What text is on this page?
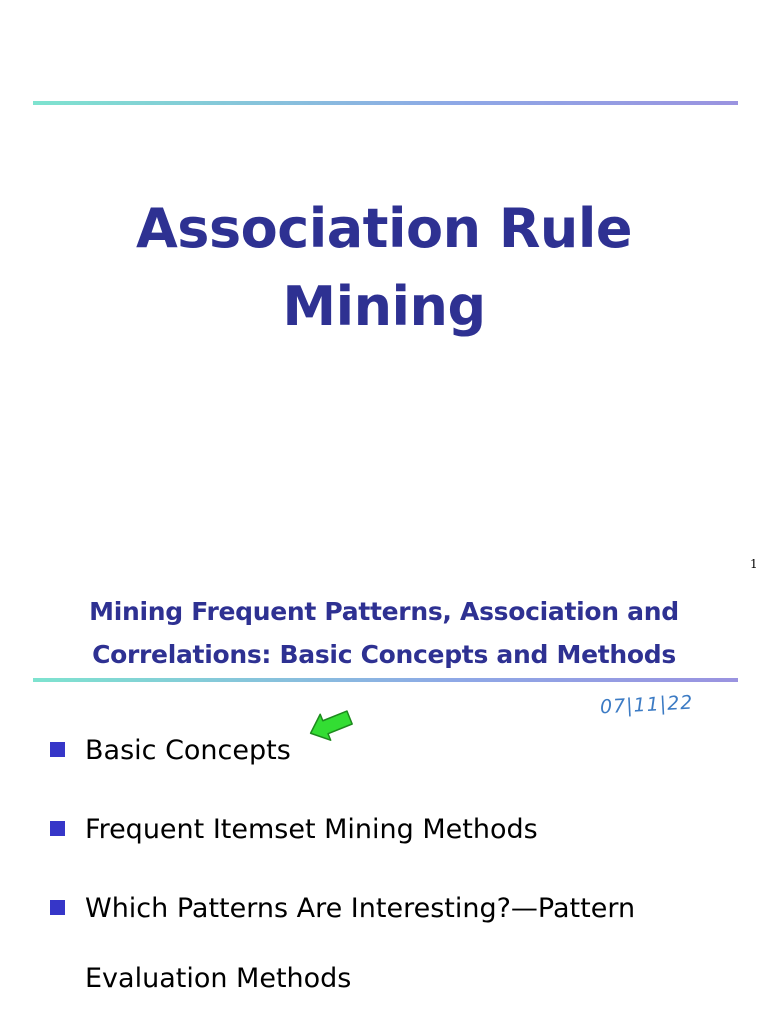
Association Rule
Mining
1
Mining Frequent Patterns, Association and
Correlations: Basic Concepts and Methods
07|11|22
Basic Concepts
Frequent Itemset Mining Methods
Which Patterns Are Interesting?—Pattern
Evaluation Methods
